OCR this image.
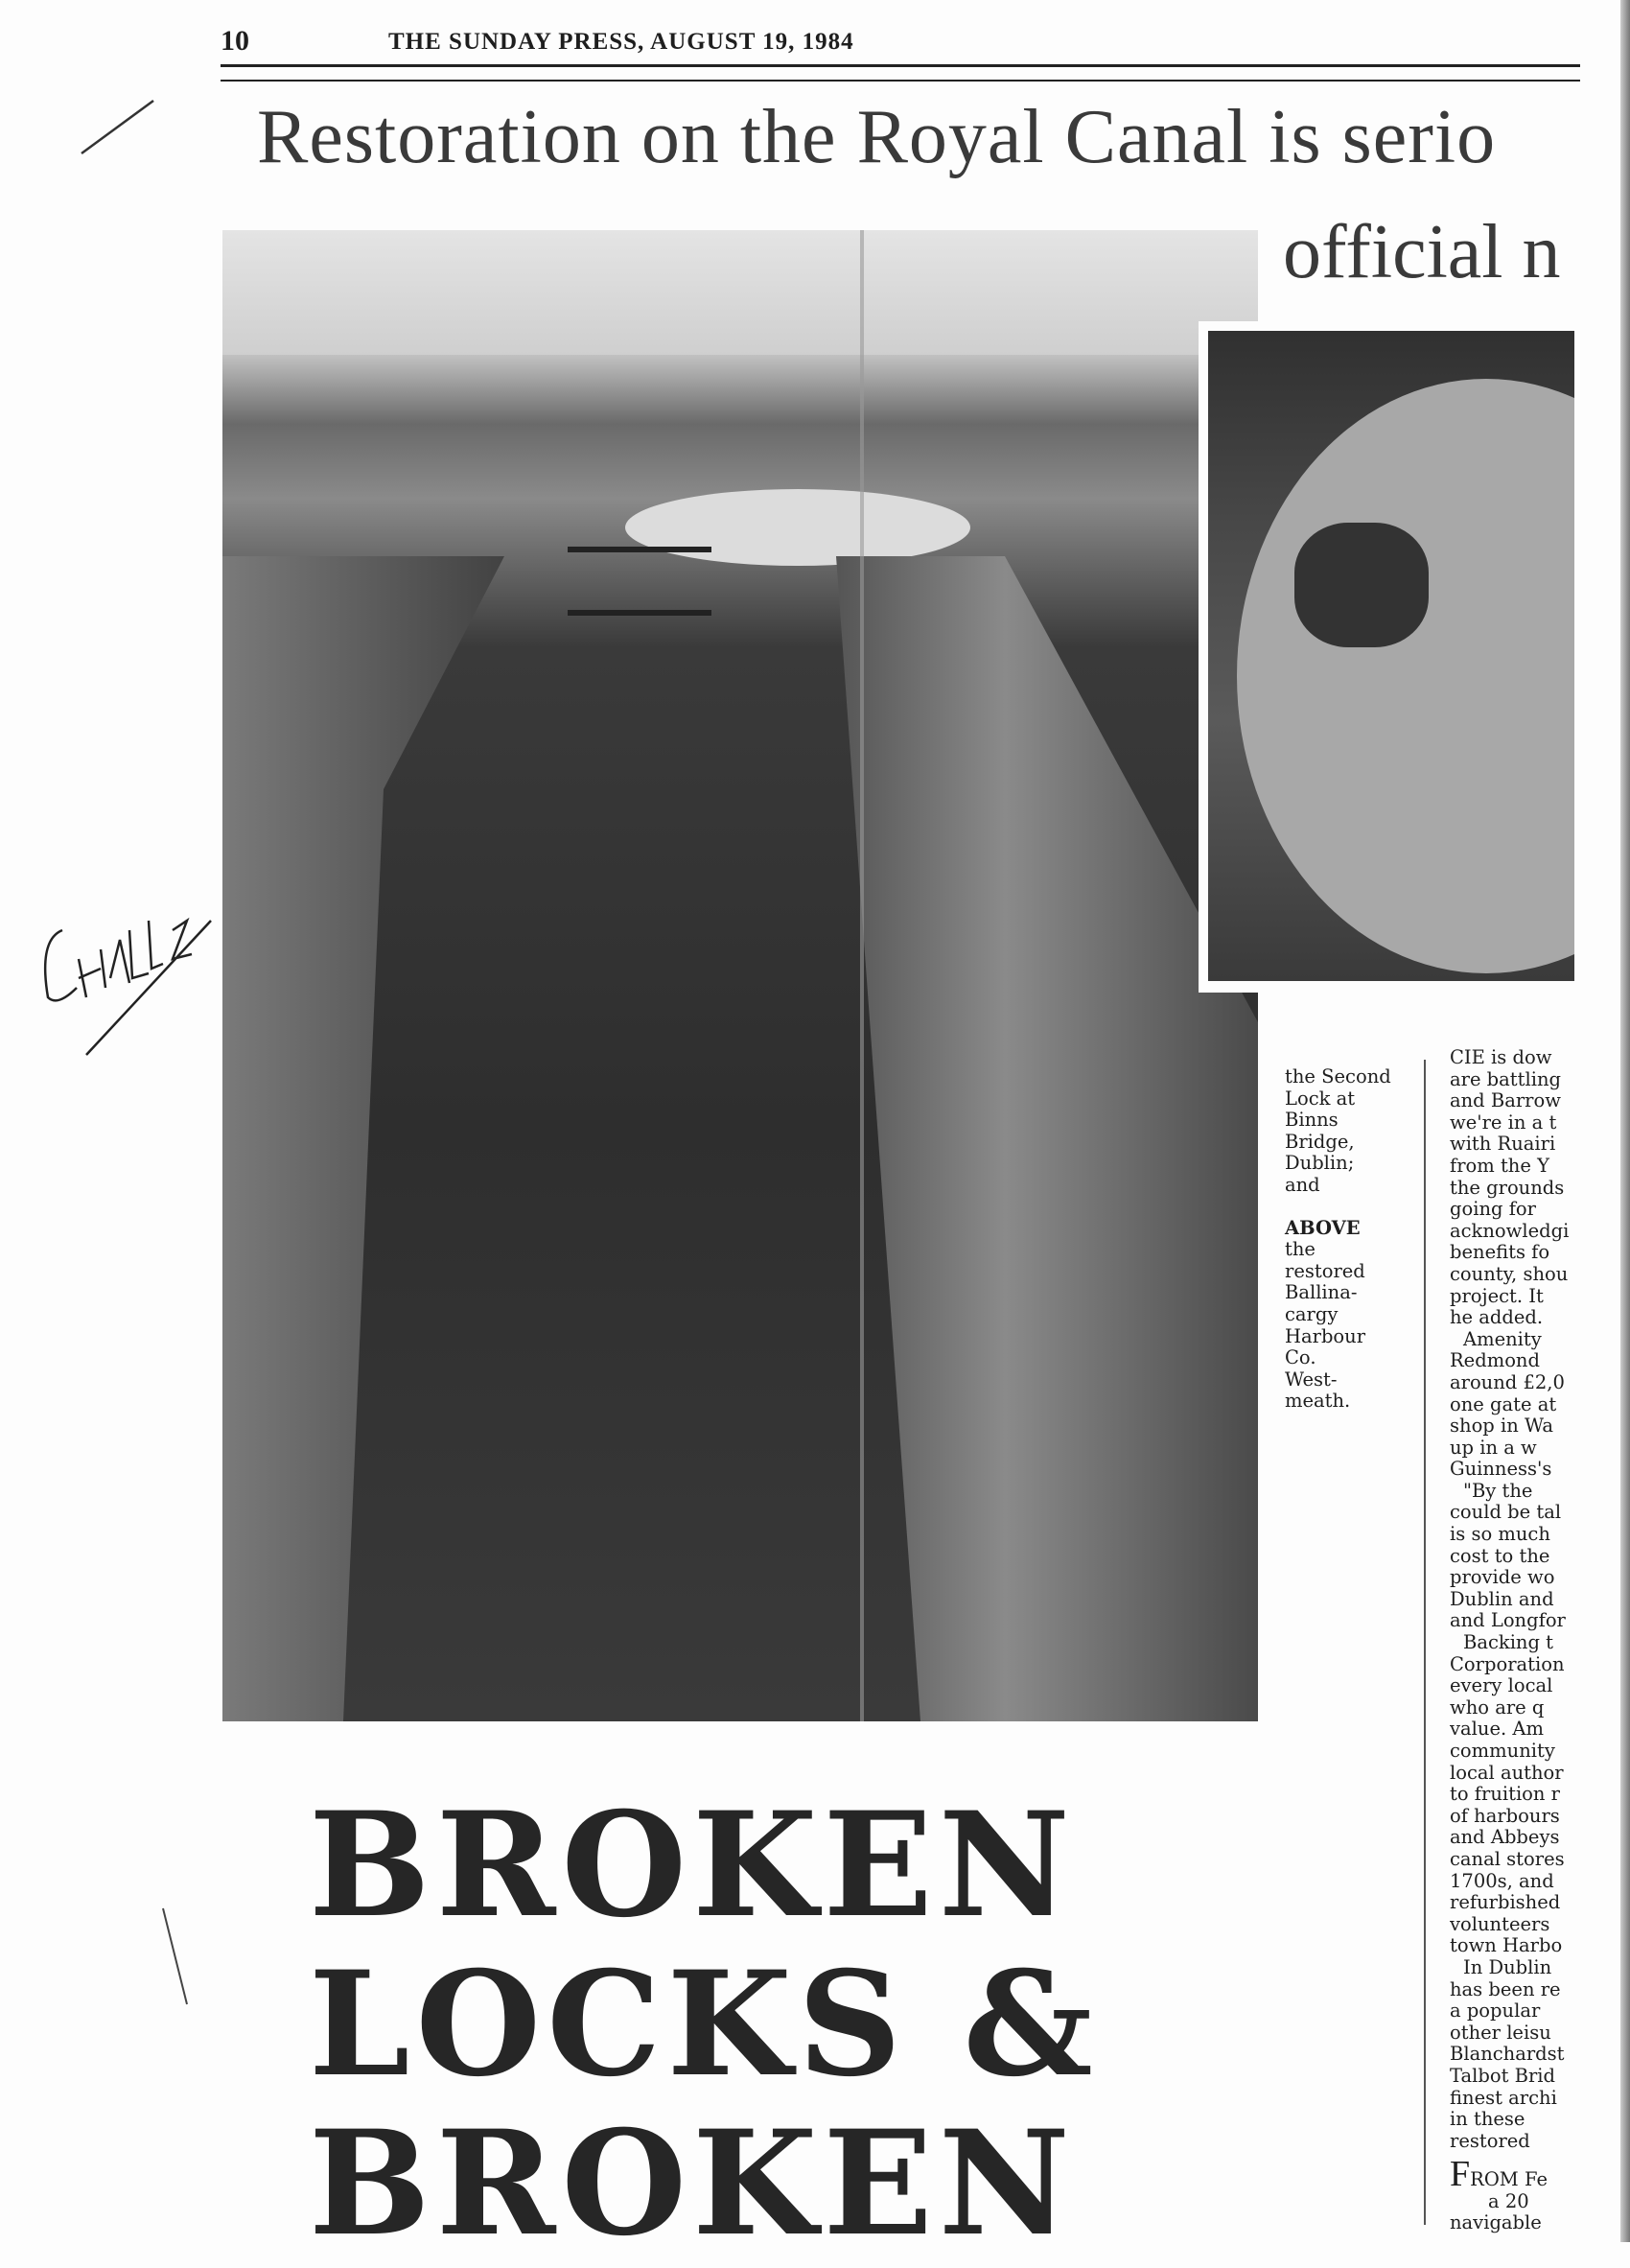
10	THE SUNDAY PRESS, AUGUST 19, 1984
Restoration on the Royal Canal is serio
official n
the Second
Lock at
Binns
Bridge,
Dublin;
and
ABOVE
the
restored
Ballina-
cargy
Harbour
Co.
West-
meath.
CIE is dow
are battling
and Barrow
we're in a t
with Ruairi
from the Y
the grounds
going for
acknowledgi
benefits fo
county, shou
project. It
he added.
Amenity
Redmond
around £2,0
one gate at
shop in Wa
up in a w
Guinness's
"By the
could be tal
is so much
cost to the
provide wo
Dublin and
and Longfor
Backing t
Corporation
every local
who are q
value. Am
community
local author
to fruition r
of harbours
and Abbeys
canal stores
1700s, and
refurbished
volunteers
town Harbo
In Dublin
has been re
a popular
other leisu
Blanchardst
Talbot Brid
finest archi
in these
restored
FROM Fe
a 20
navigable
BROKEN
LOCKS &
BROKEN
